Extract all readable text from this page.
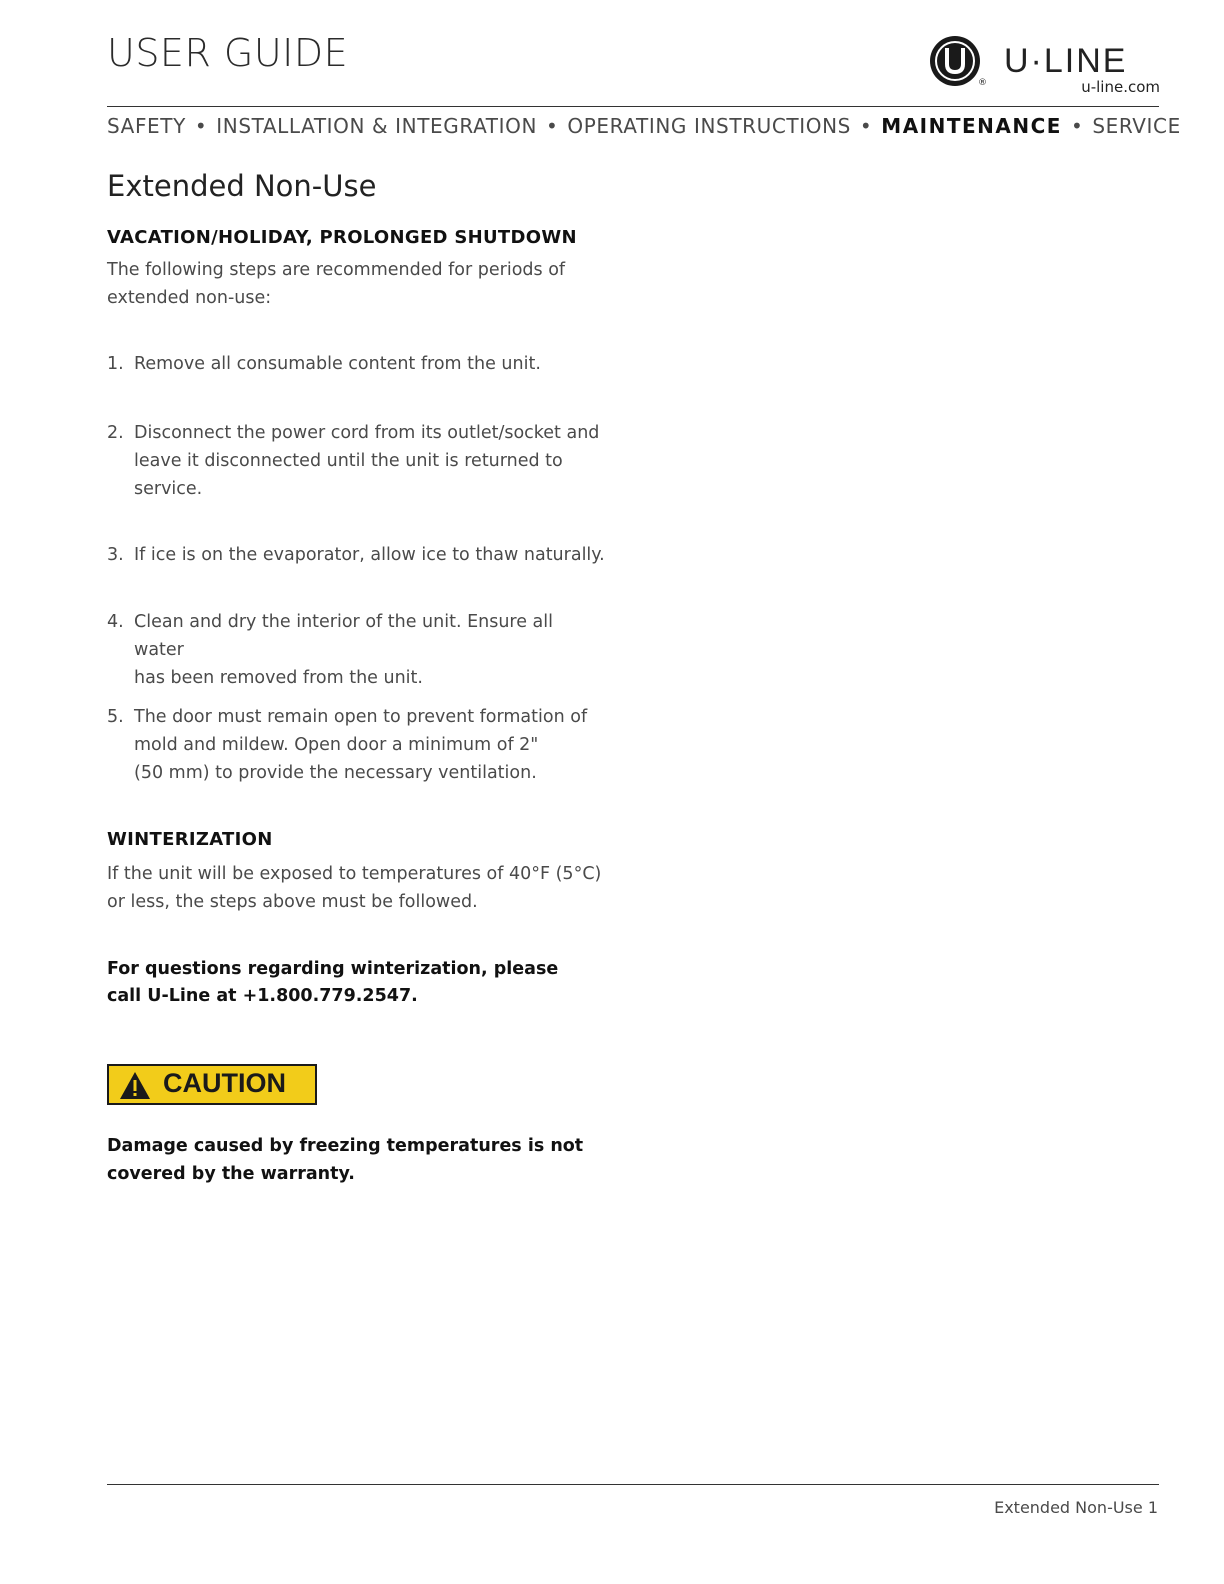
USER GUIDE
®
U·LINE
u-line.com
SAFETY • INSTALLATION & INTEGRATION • OPERATING INSTRUCTIONS • MAINTENANCE • SERVICE
Extended Non-Use
VACATION/HOLIDAY, PROLONGED SHUTDOWN
The following steps are recommended for periods of
extended non-use:
1. Remove all consumable content from the unit.
2. Disconnect the power cord from its outlet/socket and
leave it disconnected until the unit is returned to
service.
3. If ice is on the evaporator, allow ice to thaw naturally.
4. Clean and dry the interior of the unit. Ensure all water
has been removed from the unit.
5. The door must remain open to prevent formation of
mold and mildew. Open door a minimum of 2"
(50 mm) to provide the necessary ventilation.
WINTERIZATION
If the unit will be exposed to temperatures of 40°F (5°C)
or less, the steps above must be followed.
For questions regarding winterization, please
call U-Line at +1.800.779.2547.
CAUTION
Damage caused by freezing temperatures is not
covered by the warranty.
Extended Non-Use 1
